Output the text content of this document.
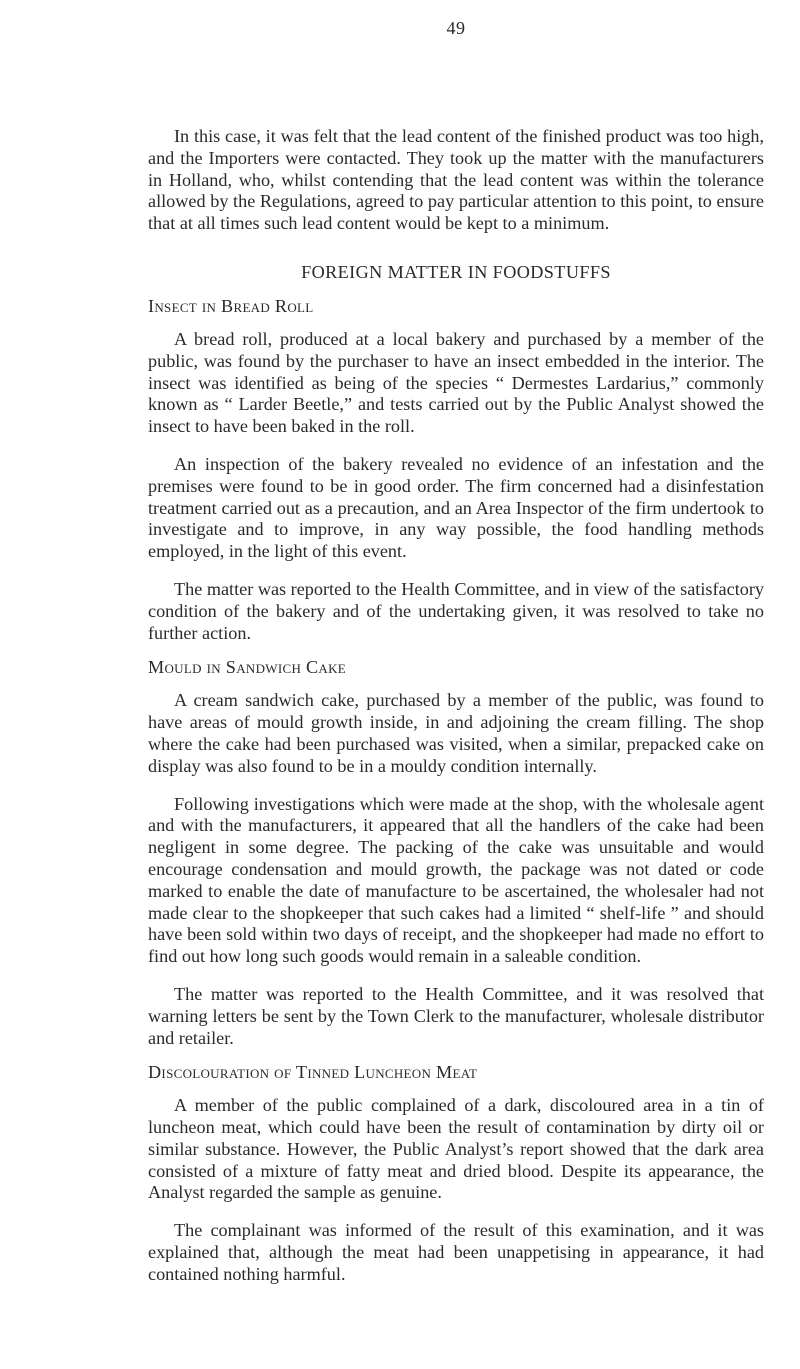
49

In this case, it was felt that the lead content of the finished product was too high, and the Importers were contacted. They took up the matter with the manufacturers in Holland, who, whilst contending that the lead content was within the tolerance allowed by the Regulations, agreed to pay particular attention to this point, to ensure that at all times such lead content would be kept to a minimum.

FOREIGN MATTER IN FOODSTUFFS
Insect in Bread Roll

A bread roll, produced at a local bakery and purchased by a member of the public, was found by the purchaser to have an insect embedded in the interior. The insect was identified as being of the species “ Dermestes Lardarius,” commonly known as “ Larder Beetle,” and tests carried out by the Public Analyst showed the insect to have been baked in the roll.

An inspection of the bakery revealed no evidence of an infestation and the premises were found to be in good order. The firm concerned had a disinfestation treatment carried out as a precaution, and an Area Inspector of the firm undertook to investigate and to improve, in any way possible, the food handling methods employed, in the light of this event.

The matter was reported to the Health Committee, and in view of the satisfactory condition of the bakery and of the undertaking given, it was resolved to take no further action.

Mould in Sandwich Cake

A cream sandwich cake, purchased by a member of the public, was found to have areas of mould growth inside, in and adjoining the cream filling. The shop where the cake had been purchased was visited, when a similar, prepacked cake on display was also found to be in a mouldy condition internally.

Following investigations which were made at the shop, with the wholesale agent and with the manufacturers, it appeared that all the handlers of the cake had been negligent in some degree. The packing of the cake was unsuitable and would encourage condensation and mould growth, the package was not dated or code marked to enable the date of manufacture to be ascertained, the wholesaler had not made clear to the shopkeeper that such cakes had a limited “ shelf-life ” and should have been sold within two days of receipt, and the shopkeeper had made no effort to find out how long such goods would remain in a saleable condition.

The matter was reported to the Health Committee, and it was resolved that warning letters be sent by the Town Clerk to the manufacturer, wholesale distributor and retailer.

Discolouration of Tinned Luncheon Meat

A member of the public complained of a dark, discoloured area in a tin of luncheon meat, which could have been the result of contamination by dirty oil or similar substance. However, the Public Analyst’s report showed that the dark area consisted of a mixture of fatty meat and dried blood. Despite its appearance, the Analyst regarded the sample as genuine.

The complainant was informed of the result of this examination, and it was explained that, although the meat had been unappetising in appearance, it had contained nothing harmful.
